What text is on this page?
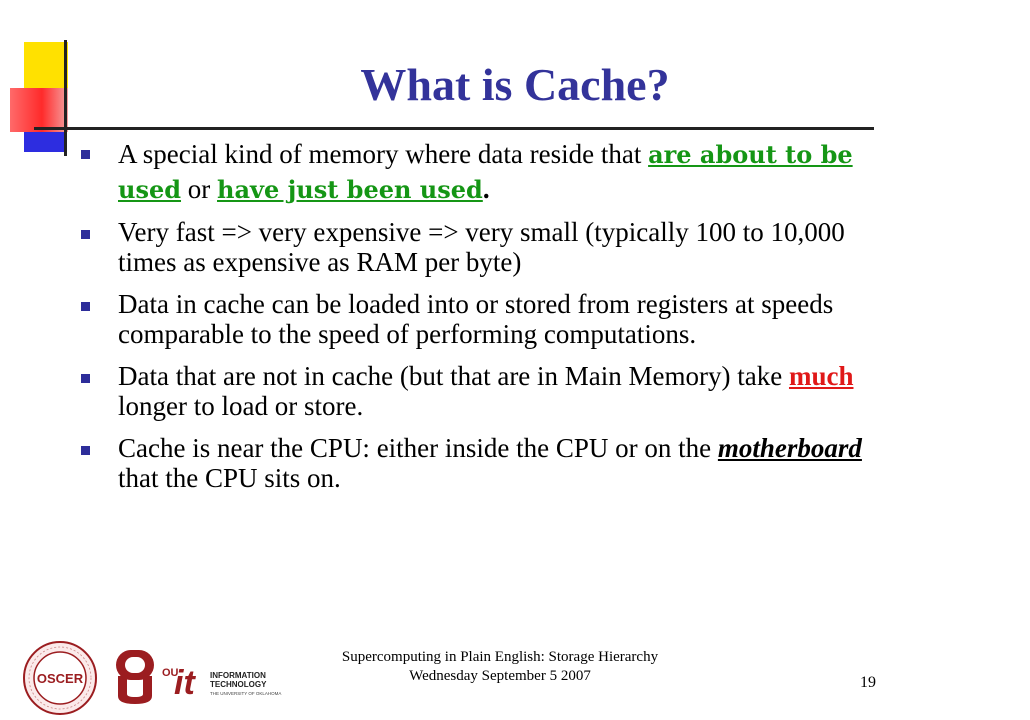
What is Cache?
A special kind of memory where data reside that are about to be used or have just been used.
Very fast => very expensive => very small (typically 100 to 10,000 times as expensive as RAM per byte)
Data in cache can be loaded into or stored from registers at speeds comparable to the speed of performing computations.
Data that are not in cache (but that are in Main Memory) take much longer to load or store.
Cache is near the CPU: either inside the CPU or on the motherboard that the CPU sits on.
OSCER	OU
it INFORMATION
TECHNOLOGY
THE UNIVERSITY OF OKLAHOMA
Supercomputing in Plain English: Storage Hierarchy
Wednesday September 5 2007	19
